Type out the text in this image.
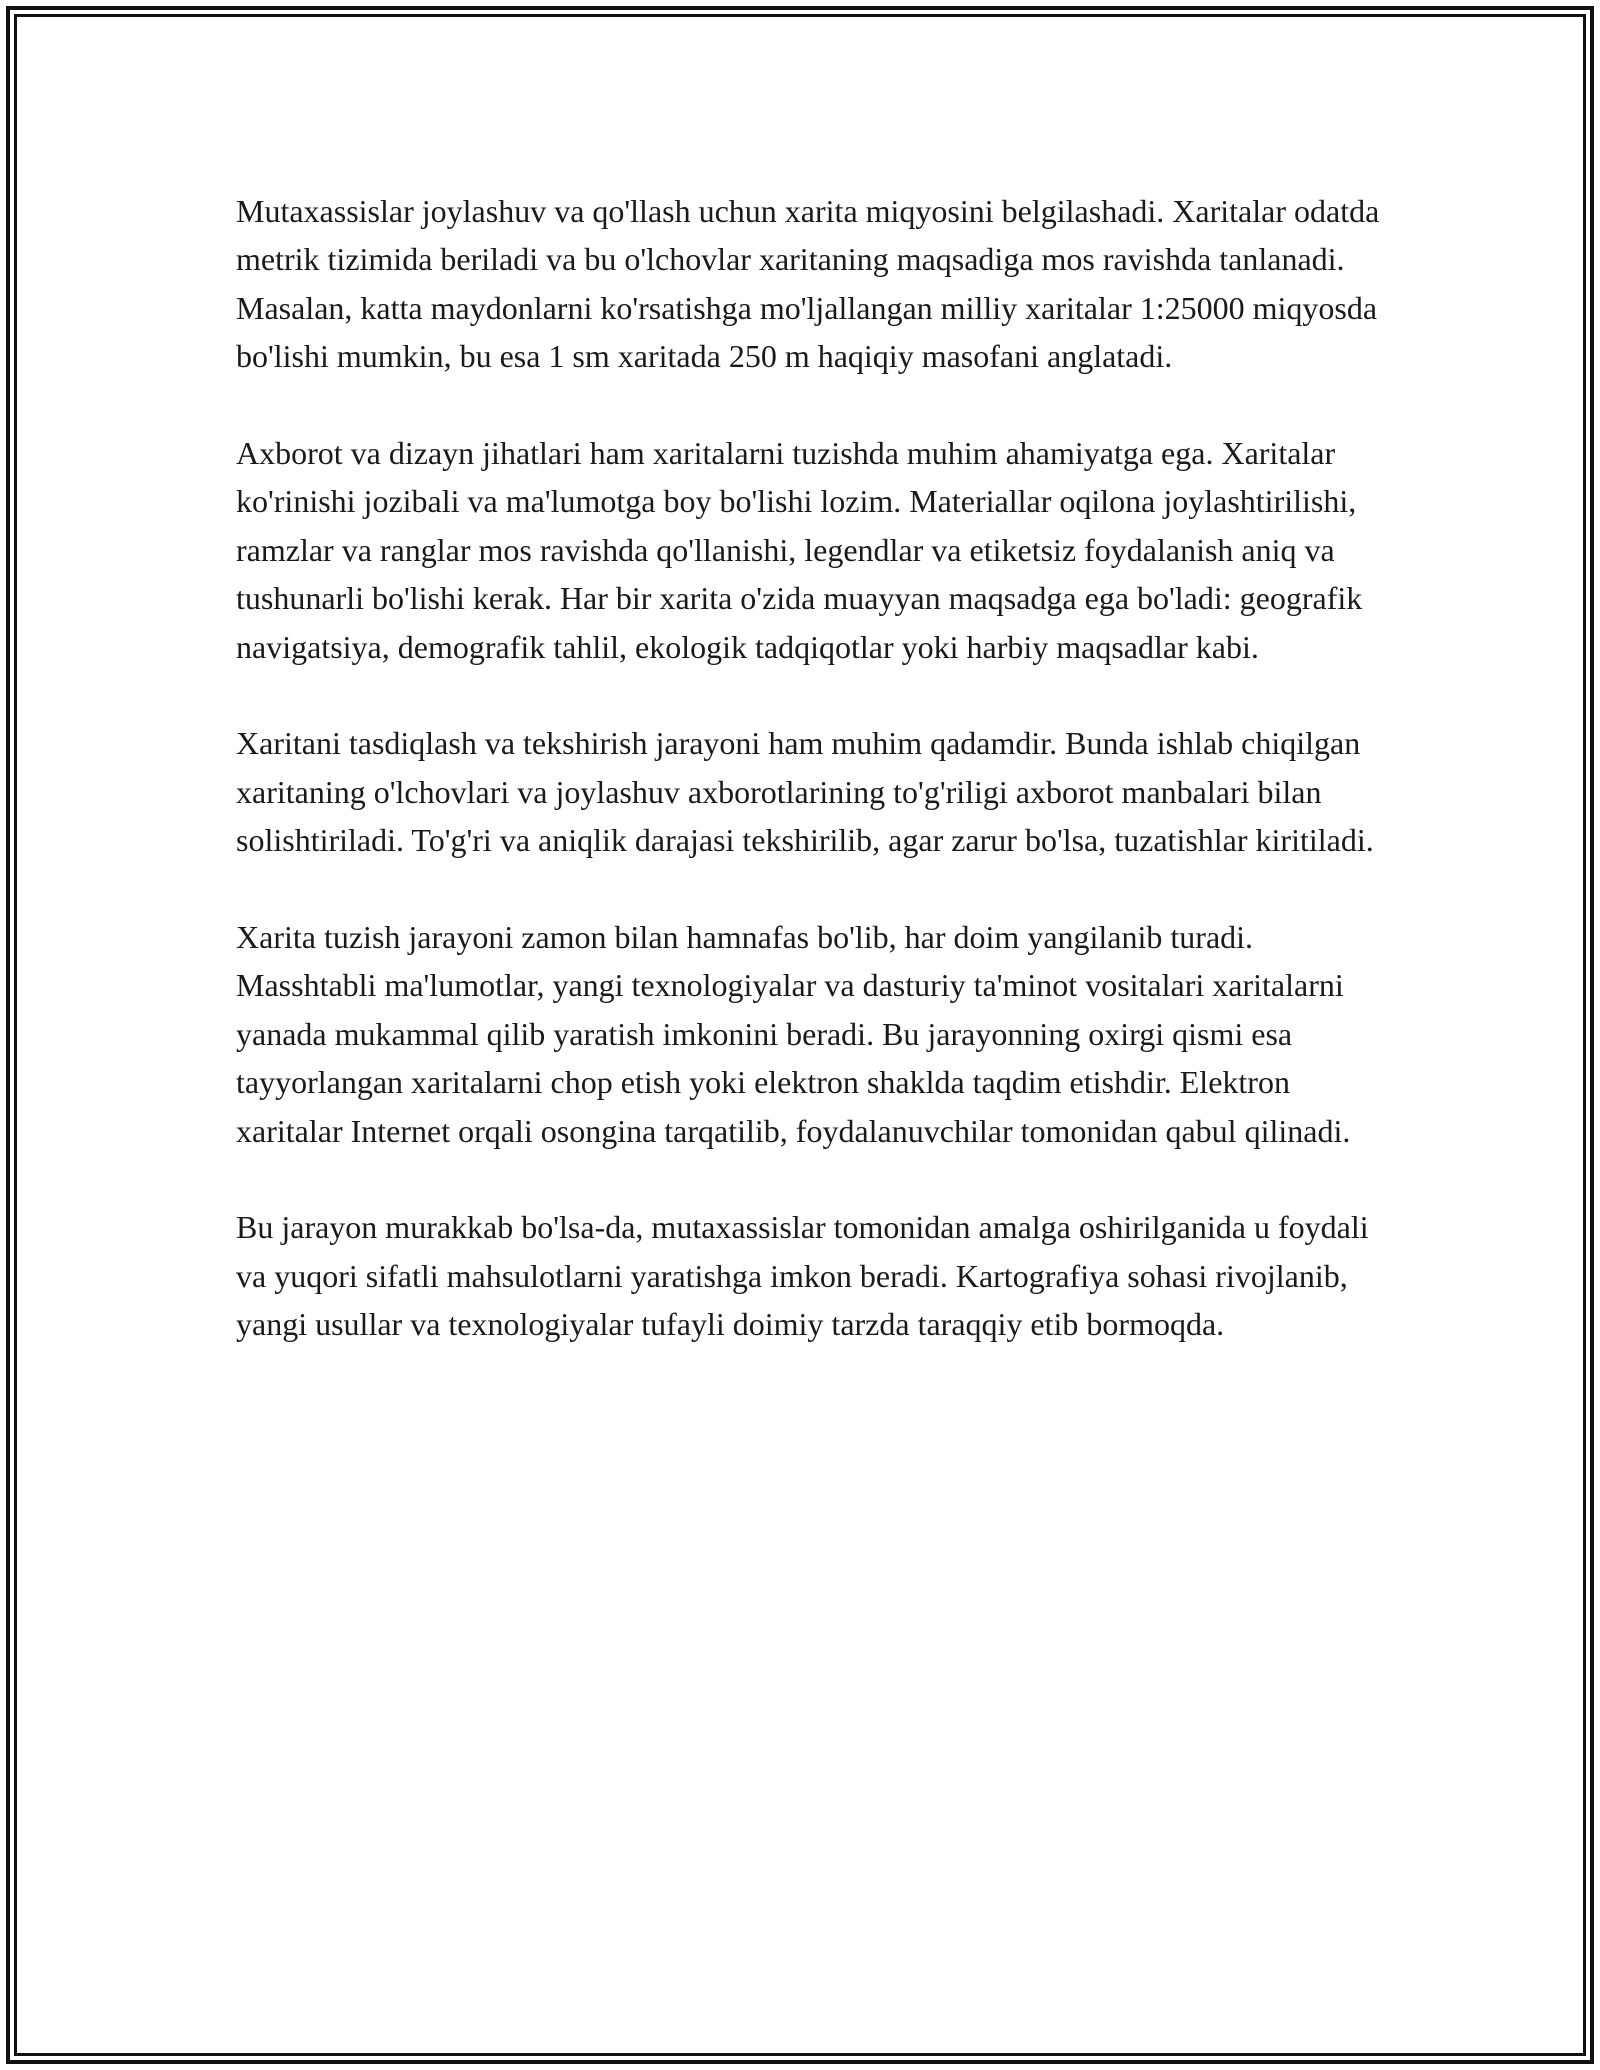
Mutaxassislar joylashuv va qo'llash uchun xarita miqyosini belgilashadi. Xaritalar odatda metrik tizimida beriladi va bu o'lchovlar xaritaning maqsadiga mos ravishda tanlanadi. Masalan, katta maydonlarni ko'rsatishga mo'ljallangan milliy xaritalar 1:25000 miqyosda bo'lishi mumkin, bu esa 1 sm xaritada 250 m haqiqiy masofani anglatadi.

Axborot va dizayn jihatlari ham xaritalarni tuzishda muhim ahamiyatga ega. Xaritalar ko'rinishi jozibali va ma'lumotga boy bo'lishi lozim. Materiallar oqilona joylashtirilishi, ramzlar va ranglar mos ravishda qo'llanishi, legendlar va etiketsiz foydalanish aniq va tushunarli bo'lishi kerak. Har bir xarita o'zida muayyan maqsadga ega bo'ladi: geografik navigatsiya, demografik tahlil, ekologik tadqiqotlar yoki harbiy maqsadlar kabi.

Xaritani tasdiqlash va tekshirish jarayoni ham muhim qadamdir. Bunda ishlab chiqilgan xaritaning o'lchovlari va joylashuv axborotlarining to'g'riligi axborot manbalari bilan solishtiriladi. To'g'ri va aniqlik darajasi tekshirilib, agar zarur bo'lsa, tuzatishlar kiritiladi.

Xarita tuzish jarayoni zamon bilan hamnafas bo'lib, har doim yangilanib turadi. Masshtabli ma'lumotlar, yangi texnologiyalar va dasturiy ta'minot vositalari xaritalarni yanada mukammal qilib yaratish imkonini beradi. Bu jarayonning oxirgi qismi esa tayyorlangan xaritalarni chop etish yoki elektron shaklda taqdim etishdir. Elektron xaritalar Internet orqali osongina tarqatilib, foydalanuvchilar tomonidan qabul qilinadi.

Bu jarayon murakkab bo'lsa-da, mutaxassislar tomonidan amalga oshirilganida u foydali va yuqori sifatli mahsulotlarni yaratishga imkon beradi. Kartografiya sohasi rivojlanib, yangi usullar va texnologiyalar tufayli doimiy tarzda taraqqiy etib bormoqda.
